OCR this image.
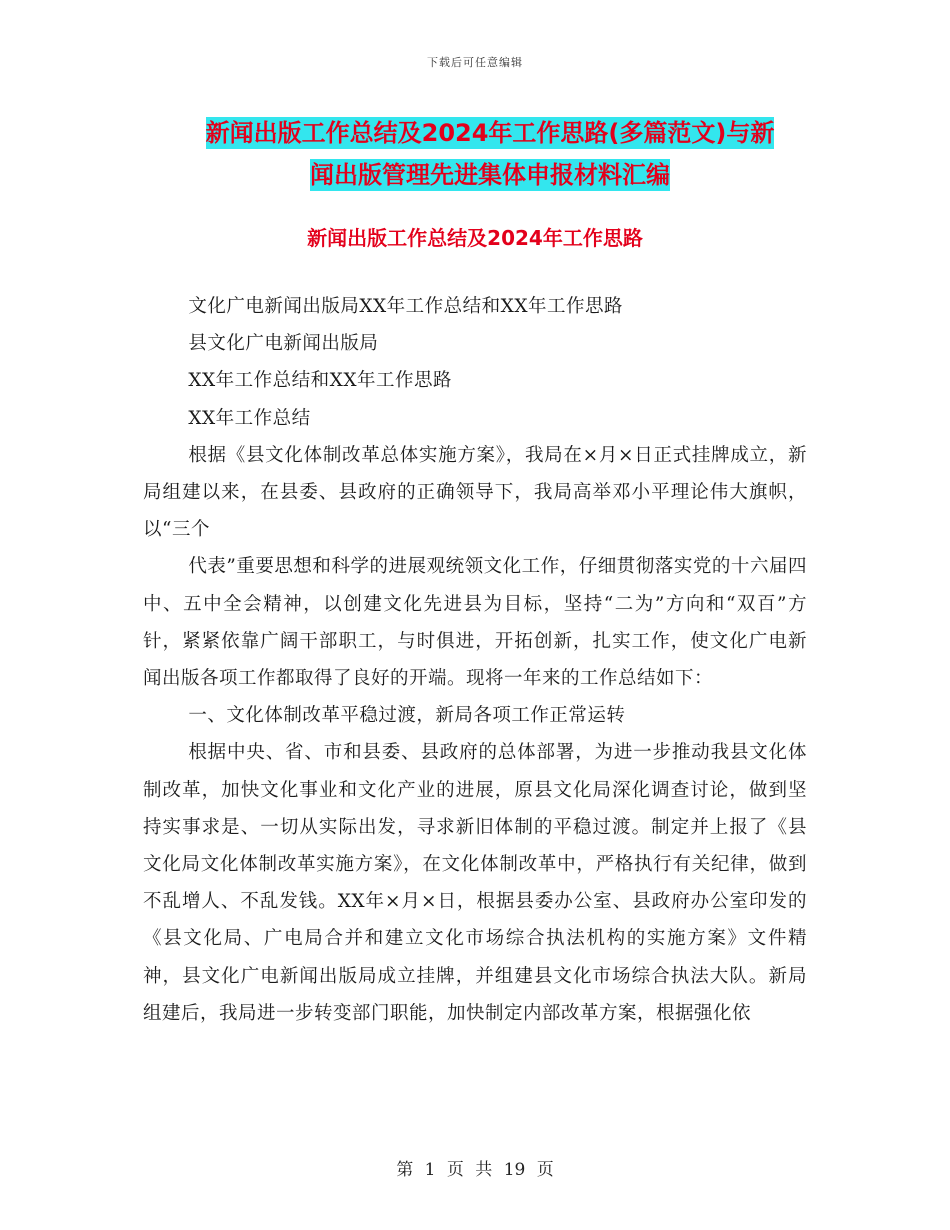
下载后可任意编辑
新闻出版工作总结及2024年工作思路(多篇范文)与新
闻出版管理先进集体申报材料汇编
新闻出版工作总结及2024年工作思路

文化广电新闻出版局XX年工作总结和XX年工作思路

县文化广电新闻出版局

XX年工作总结和XX年工作思路

XX年工作总结

根据《县文化体制改革总体实施方案》，我局在×月×日正式挂牌成立，新局组建以来，在县委、县政府的正确领导下，我局高举邓小平理论伟大旗帜，以“三个

代表”重要思想和科学的进展观统领文化工作，仔细贯彻落实党的十六届四中、五中全会精神，以创建文化先进县为目标，坚持“二为”方向和“双百”方针，紧紧依靠广阔干部职工，与时俱进，开拓创新，扎实工作，使文化广电新闻出版各项工作都取得了良好的开端。现将一年来的工作总结如下：

一、文化体制改革平稳过渡，新局各项工作正常运转

根据中央、省、市和县委、县政府的总体部署，为进一步推动我县文化体制改革，加快文化事业和文化产业的进展，原县文化局深化调查讨论，做到坚持实事求是、一切从实际出发，寻求新旧体制的平稳过渡。制定并上报了《县文化局文化体制改革实施方案》，在文化体制改革中，严格执行有关纪律，做到不乱增人、不乱发钱。XX年×月×日，根据县委办公室、县政府办公室印发的《县文化局、广电局合并和建立文化市场综合执法机构的实施方案》文件精神，县文化广电新闻出版局成立挂牌，并组建县文化市场综合执法大队。新局组建后，我局进一步转变部门职能，加快制定内部改革方案，根据强化依

第 1 页 共 19 页
